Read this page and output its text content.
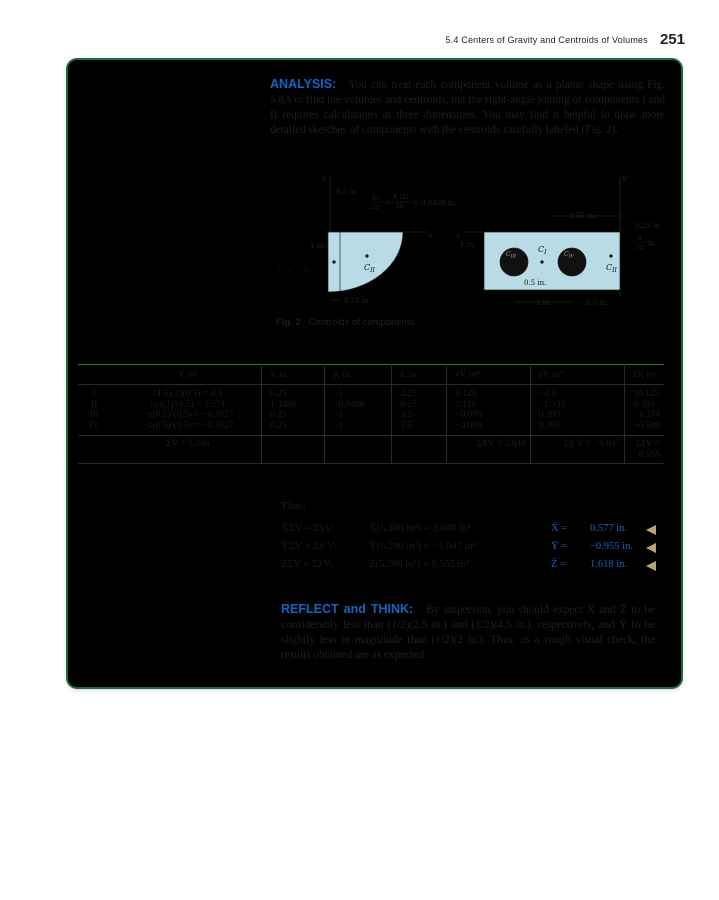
5.4 Centers of Gravity and Centroids of Volumes 251
ANALYSIS: You can treat each component volume as a planar shape using Fig. 5.8A to find the volumes and centroids, but the right-angle joining of components I and II requires calculations in three dimensions. You may find it helpful to draw more detailed sketches of components with the centroids carefully labeled (Fig. 2).
y
x
$C_{II}$
$C_I$, $C_{III}$, $C_{IV}$
0.5 in.
4r
3π =
4 (2)
3π = 0.8488 in.
1 in.
0.25 in.
y
z
$C_I$
$C_{III}$	$C_{IV}$
$C_{II}$
0.5 in.
2.25 in.
0.25 in.
8
3π
in.
1 in.
2 in.	1.5 in.
Fig. 2 Centroids of components.
	V, in³	x̄, in.	ȳ, in.	z̄, in.	x̄V, in⁴	ȳV, in⁴	z̄V, in⁴
I	(4.5)(2)(0.5) = 4.5	0.25	−1	2.25	1.125	−4.5	10.125
II	¼π(2)²(0.5) = 1.571	1.3488	−0.8488	0.25	2.119	−1.333	0.393
III	−π(0.5)²(0.5) = −0.3927	0.25	−1	3.5	−0.098	0.393	−1.374
IV	−π(0.5)²(0.5) = −0.3927	0.25	−1	1.5	−0.098	0.393	−0.589
	ΣV = 5.286				Σx̄V = 3.048	Σȳ V = −5.047	Σz̄V = 8.555
Thus,
X̄ΣV = Σx̄V:	X̄(5.286 in³) = 3.048 in⁴	X̄ = 0.577 in.
ȲΣV = Σȳ V:	Ȳ(5.286 in³) = −5.047 in⁴	Ȳ = −0.955 in.
Z̄ΣV = Σz̄V:	Z̄(5.286 in³) = 8.555 in⁴	Z̄ = 1.618 in.
REFLECT and THINK: By inspection, you should expect X̄ and Z̄ to be considerably less than (1/2)(2.5 in.) and (1/2)(4.5 in.), respectively, and Ȳ to be slightly less in magnitude than (1/2)(2 in.). Thus, as a rough visual check, the results obtained are as expected.
